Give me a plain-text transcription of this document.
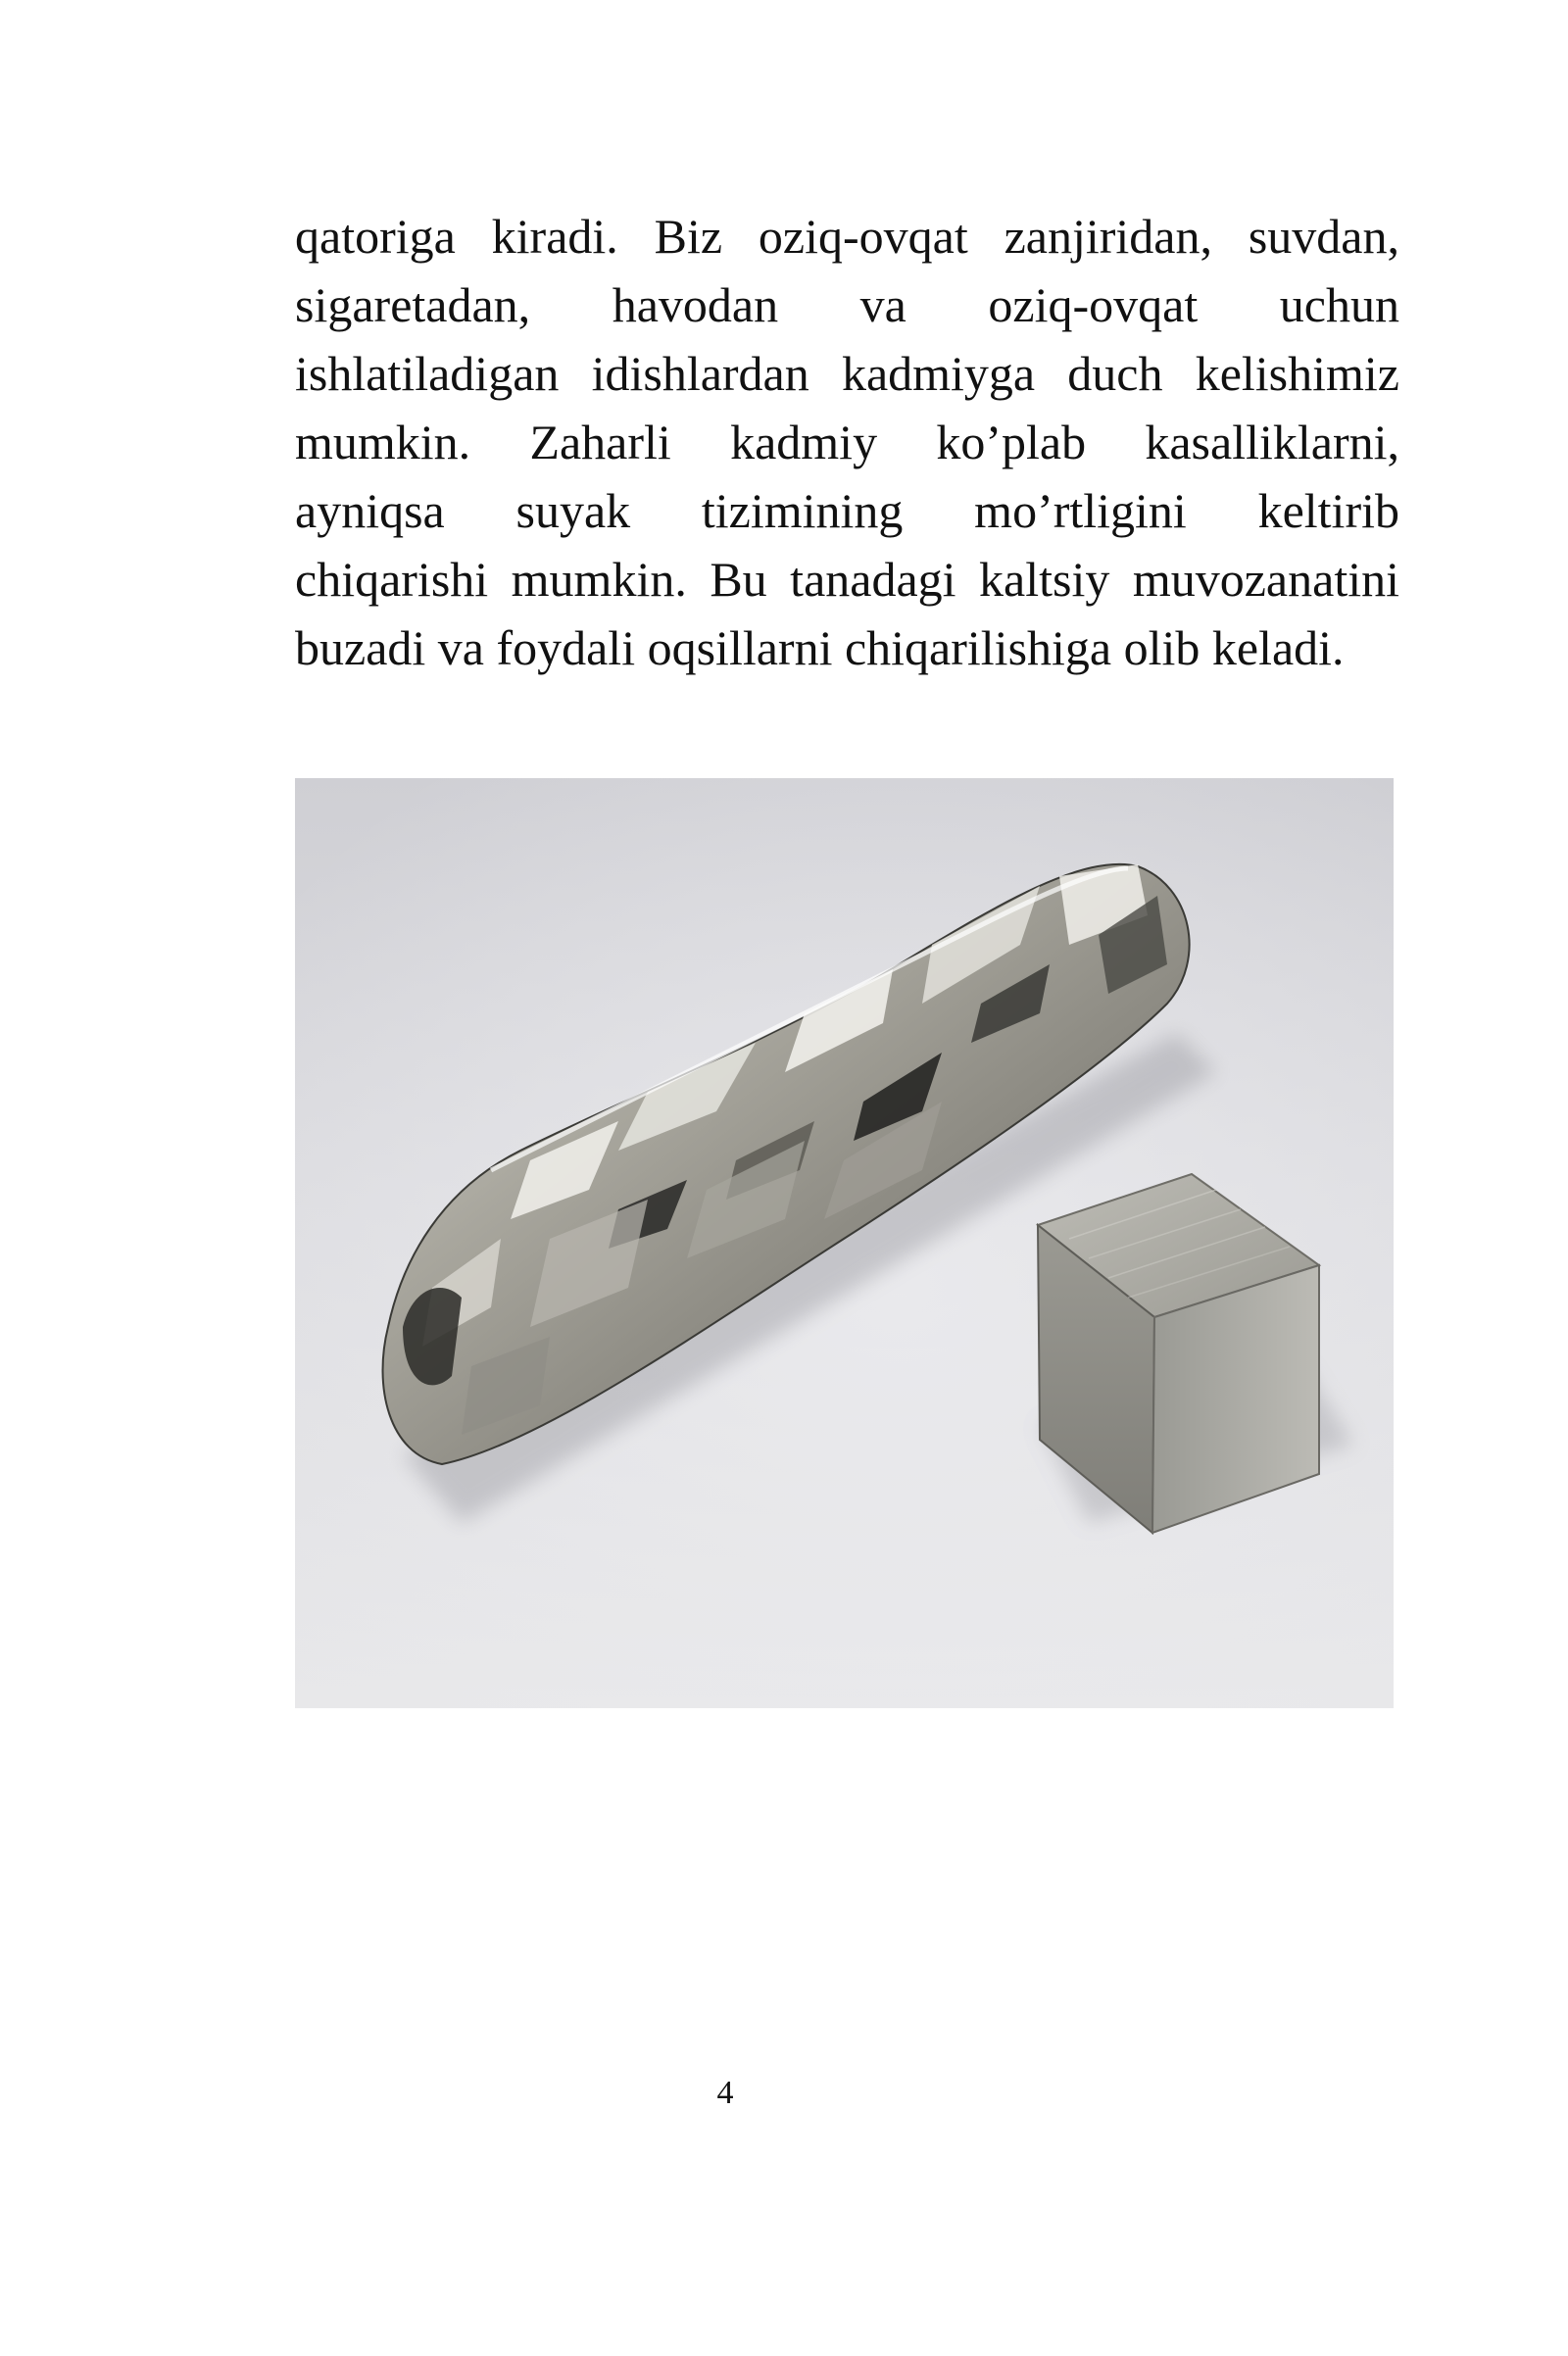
qatoriga kiradi. Biz oziq-ovqat zanjiridan, suvdan,
sigaretadan, havodan va oziq-ovqat uchun
ishlatiladigan idishlardan kadmiyga duch kelishimiz
mumkin. Zaharli kadmiy ko’plab kasalliklarni,
ayniqsa suyak tizimining mo’rtligini keltirib
chiqarishi mumkin. Bu tanadagi kaltsiy muvozanatini
buzadi va foydali oqsillarni chiqarilishiga olib keladi.
4
